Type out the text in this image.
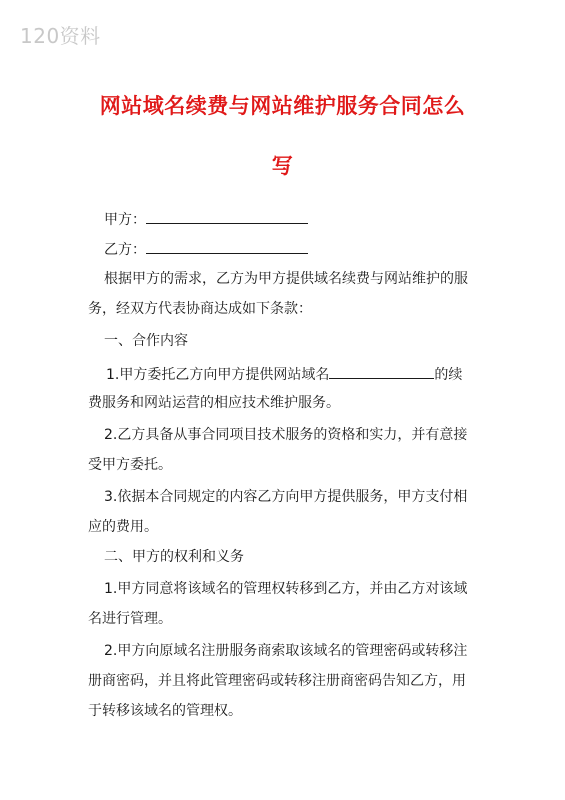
120资料
网站域名续费与网站维护服务合同怎么
写
甲方：
乙方：
根据甲方的需求，乙方为甲方提供域名续费与网站维护的服
务，经双方代表协商达成如下条款：
一、合作内容
1.甲方委托乙方向甲方提供网站域名	的续
费服务和网站运营的相应技术维护服务。
2.乙方具备从事合同项目技术服务的资格和实力，并有意接
受甲方委托。
3.依据本合同规定的内容乙方向甲方提供服务，甲方支付相
应的费用。
二、甲方的权利和义务
1.甲方同意将该域名的管理权转移到乙方，并由乙方对该域
名进行管理。
2.甲方向原域名注册服务商索取该域名的管理密码或转移注
册商密码，并且将此管理密码或转移注册商密码告知乙方，用
于转移该域名的管理权。
